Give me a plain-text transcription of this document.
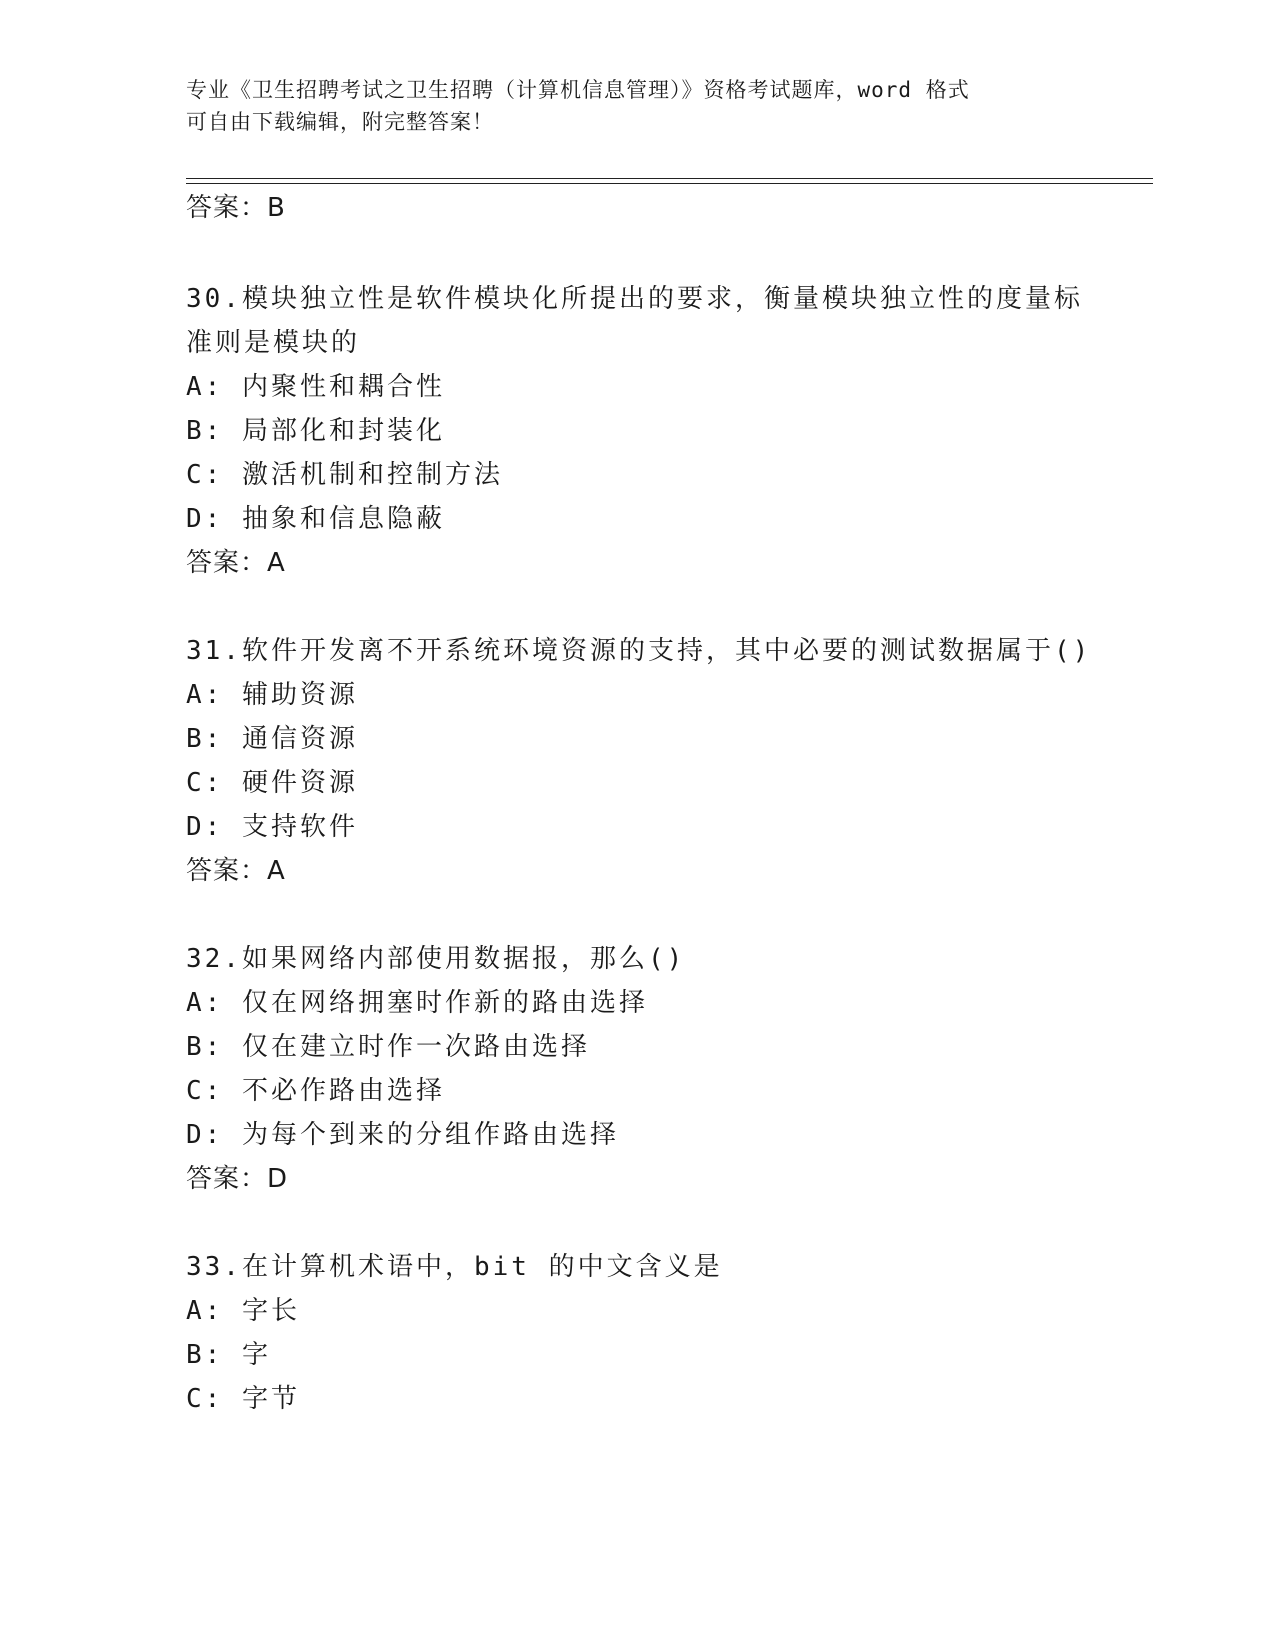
专业《卫生招聘考试之卫生招聘（计算机信息管理）》资格考试题库，word 格式
可自由下载编辑，附完整答案！
答案：B
30.模块独立性是软件模块化所提出的要求，衡量模块独立性的度量标
准则是模块的
A: 内聚性和耦合性
B: 局部化和封装化
C: 激活机制和控制方法
D: 抽象和信息隐蔽
答案：A
31.软件开发离不开系统环境资源的支持，其中必要的测试数据属于()
A: 辅助资源
B: 通信资源
C: 硬件资源
D: 支持软件
答案：A
32.如果网络内部使用数据报，那么()
A: 仅在网络拥塞时作新的路由选择
B: 仅在建立时作一次路由选择
C: 不必作路由选择
D: 为每个到来的分组作路由选择
答案：D
33.在计算机术语中，bit 的中文含义是
A: 字长
B: 字
C: 字节
